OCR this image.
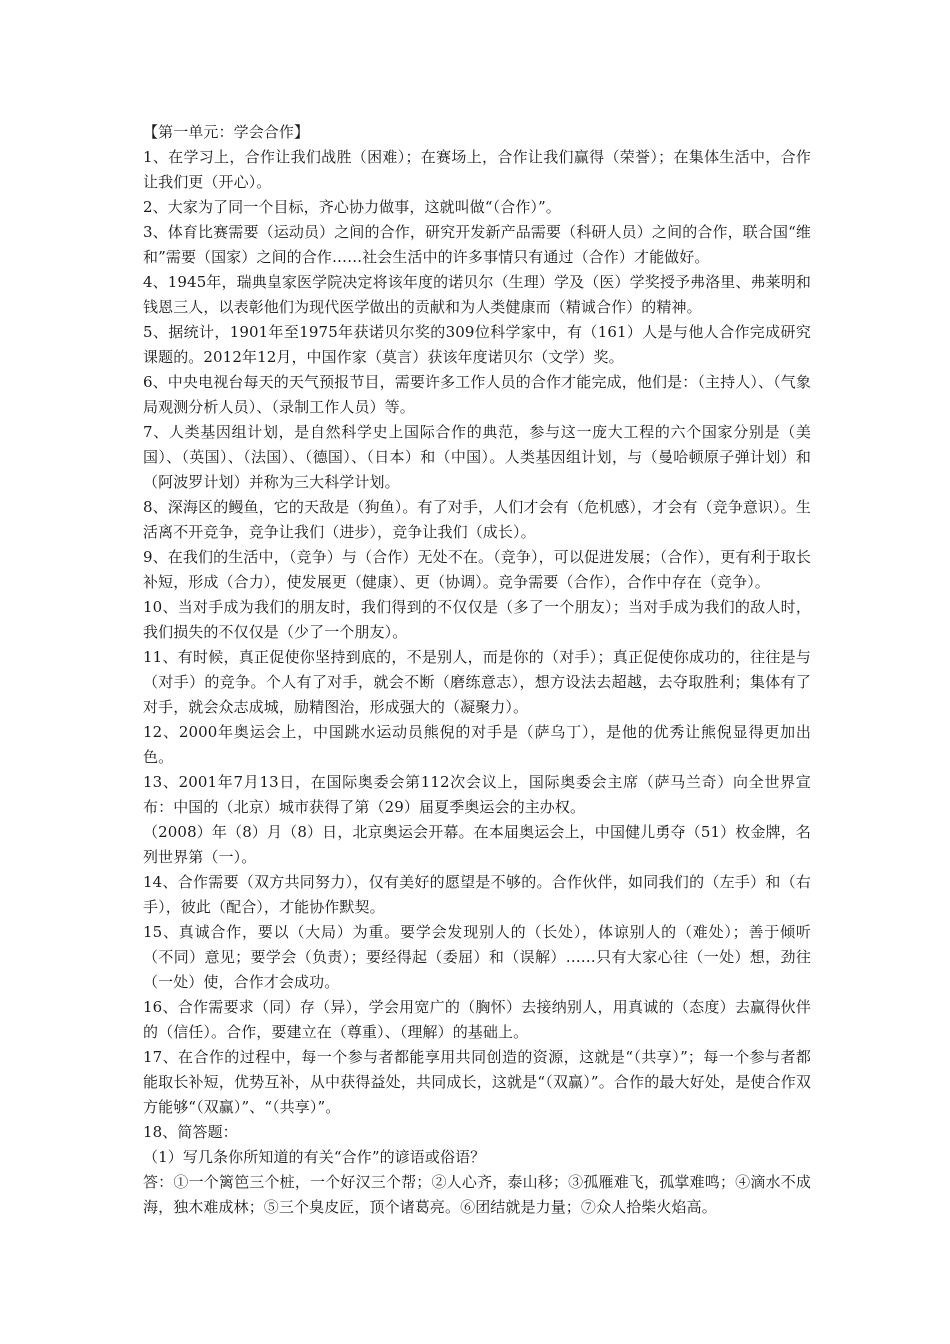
【第一单元：学会合作】

1、在学习上，合作让我们战胜（困难）；在赛场上，合作让我们赢得（荣誉）；在集体生活中，合作让我们更（开心）。

2、大家为了同一个目标，齐心协力做事，这就叫做“（合作）”。

3、体育比赛需要（运动员）之间的合作，研究开发新产品需要（科研人员）之间的合作，联合国“维和”需要（国家）之间的合作……社会生活中的许多事情只有通过（合作）才能做好。

4、1945年，瑞典皇家医学院决定将该年度的诺贝尔（生理）学及（医）学奖授予弗洛里、弗莱明和钱恩三人，以表彰他们为现代医学做出的贡献和为人类健康而（精诚合作）的精神。

5、据统计，1901年至1975年获诺贝尔奖的309位科学家中，有（161）人是与他人合作完成研究课题的。2012年12月，中国作家（莫言）获该年度诺贝尔（文学）奖。

6、中央电视台每天的天气预报节目，需要许多工作人员的合作才能完成，他们是：（主持人）、（气象局观测分析人员）、（录制工作人员）等。

7、人类基因组计划，是自然科学史上国际合作的典范，参与这一庞大工程的六个国家分别是（美国）、（英国）、（法国）、（德国）、（日本）和（中国）。人类基因组计划，与（曼哈顿原子弹计划）和（阿波罗计划）并称为三大科学计划。

8、深海区的鳗鱼，它的天敌是（狗鱼）。有了对手，人们才会有（危机感），才会有（竞争意识）。生活离不开竞争，竞争让我们（进步），竞争让我们（成长）。

9、在我们的生活中，（竞争）与（合作）无处不在。（竞争），可以促进发展；（合作），更有利于取长补短，形成（合力），使发展更（健康）、更（协调）。竞争需要（合作），合作中存在（竞争）。

10、当对手成为我们的朋友时，我们得到的不仅仅是（多了一个朋友）；当对手成为我们的敌人时，我们损失的不仅仅是（少了一个朋友）。

11、有时候，真正促使你坚持到底的，不是别人，而是你的（对手）；真正促使你成功的，往往是与（对手）的竞争。个人有了对手，就会不断（磨练意志），想方设法去超越，去夺取胜利；集体有了对手，就会众志成城，励精图治，形成强大的（凝聚力）。

12、2000年奥运会上，中国跳水运动员熊倪的对手是（萨乌丁），是他的优秀让熊倪显得更加出色。

13、2001年7月13日，在国际奥委会第112次会议上，国际奥委会主席（萨马兰奇）向全世界宣布：中国的（北京）城市获得了第（29）届夏季奥运会的主办权。

（2008）年（8）月（8）日，北京奥运会开幕。在本届奥运会上，中国健儿勇夺（51）枚金牌，名列世界第（一）。

14、合作需要（双方共同努力），仅有美好的愿望是不够的。合作伙伴，如同我们的（左手）和（右手），彼此（配合），才能协作默契。

15、真诚合作，要以（大局）为重。要学会发现别人的（长处），体谅别人的（难处）；善于倾听（不同）意见；要学会（负责）；要经得起（委屈）和（误解）……只有大家心往（一处）想，劲往（一处）使，合作才会成功。

16、合作需要求（同）存（异），学会用宽广的（胸怀）去接纳别人，用真诚的（态度）去赢得伙伴的（信任）。合作，要建立在（尊重）、（理解）的基础上。

17、在合作的过程中，每一个参与者都能享用共同创造的资源，这就是“（共享）”；每一个参与者都能取长补短，优势互补，从中获得益处，共同成长，这就是“（双赢）”。合作的最大好处，是使合作双方能够“（双赢）”、“（共享）”。

18、简答题：

（1）写几条你所知道的有关“合作”的谚语或俗语？

答：①一个篱笆三个桩，一个好汉三个帮；②人心齐，泰山移；③孤雁难飞，孤掌难鸣；④滴水不成海，独木难成林；⑤三个臭皮匠，顶个诸葛亮。⑥团结就是力量；⑦众人拾柴火焰高。
